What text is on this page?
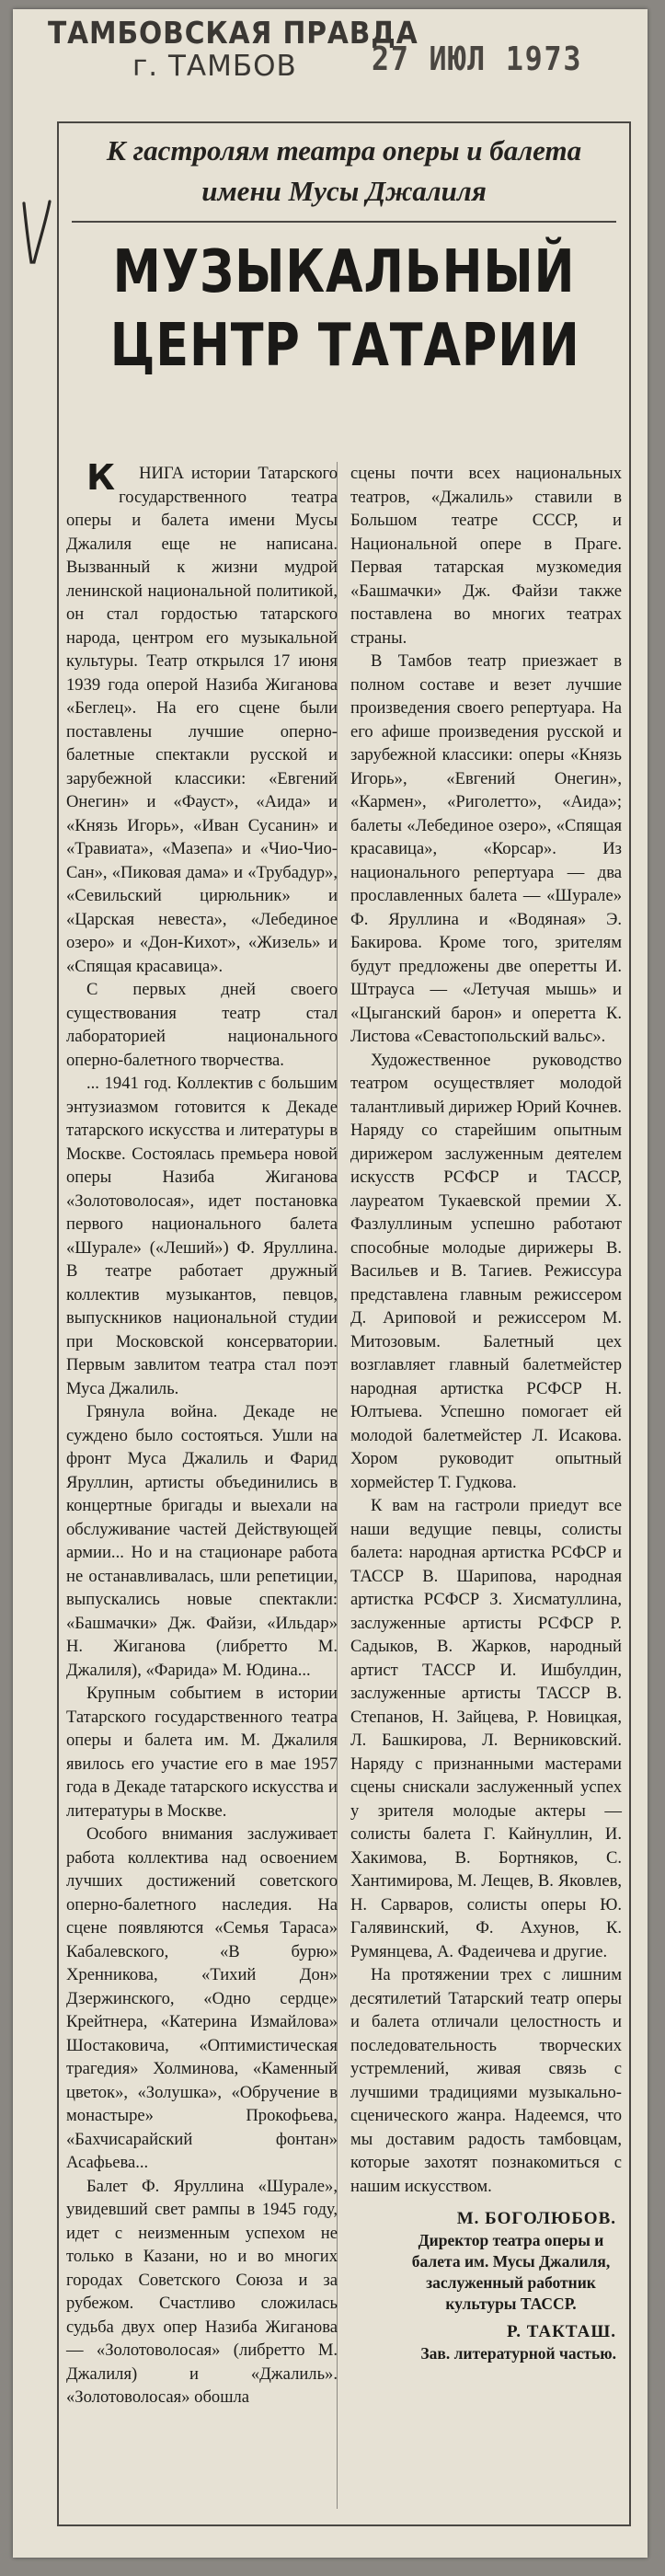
ТАМБОВСКАЯ ПРАВДА
г. ТАМБОВ	27 ИЮЛ 1973
К гастролям театра оперы и балета
имени Мусы Джалиля
МУЗЫКАЛЬНЫЙ
ЦЕНТР ТАТАРИИ

КНИГА истории Татарского государственного театра оперы и балета имени Мусы Джалиля еще не написана. Вызванный к жизни мудрой ленинской национальной политикой, он стал гордостью татарского народа, центром его музыкальной культуры. Театр открылся 17 июня 1939 года оперой Назиба Жиганова «Беглец». На его сцене были поставлены лучшие оперно-балетные спектакли русской и зарубежной классики: «Евгений Онегин» и «Фауст», «Аида» и «Князь Игорь», «Иван Сусанин» и «Травиата», «Мазепа» и «Чио-Чио-Сан», «Пиковая дама» и «Трубадур», «Севильский цирюльник» и «Царская невеста», «Лебединое озеро» и «Дон-Кихот», «Жизель» и «Спящая красавица».

С первых дней своего существования театр стал лабораторией национального оперно-балетного творчества.

... 1941 год. Коллектив с большим энтузиазмом готовится к Декаде татарского искусства и литературы в Москве. Состоялась премьера новой оперы Назиба Жиганова «Золотоволосая», идет постановка первого национального балета «Шурале» («Леший») Ф. Яруллина. В театре работает дружный коллектив музыкантов, певцов, выпускников национальной студии при Московской консерватории. Первым завлитом театра стал поэт Муса Джалиль.

Грянула война. Декаде не суждено было состояться. Ушли на фронт Муса Джалиль и Фарид Яруллин, артисты объединились в концертные бригады и выехали на обслуживание частей Действующей армии... Но и на стационаре работа не останавливалась, шли репетиции, выпускались новые спектакли: «Башмачки» Дж. Файзи, «Ильдар» Н. Жиганова (либретто М. Джалиля), «Фарида» М. Юдина...

Крупным событием в истории Татарского государственного театра оперы и балета им. М. Джалиля явилось его участие его в мае 1957 года в Декаде татарского искусства и литературы в Москве.

Особого внимания заслуживает работа коллектива над освоением лучших достижений советского оперно-балетного наследия. На сцене появляются «Семья Тараса» Кабалевского, «В бурю» Хренникова, «Тихий Дон» Дзержинского, «Одно сердце» Крейтнера, «Катерина Измайлова» Шостаковича, «Оптимистическая трагедия» Холминова, «Каменный цветок», «Золушка», «Обручение в монастыре» Прокофьева, «Бахчисарайский фонтан» Асафьева...

Балет Ф. Яруллина «Шурале», увидевший свет рампы в 1945 году, идет с неизменным успехом не только в Казани, но и во многих городах Советского Союза и за рубежом. Счастливо сложилась судьба двух опер Назиба Жиганова — «Золотоволосая» (либретто М. Джалиля) и «Джалиль». «Золотоволосая» обошла

сцены почти всех национальных театров, «Джалиль» ставили в Большом театре СССР, и Национальной опере в Праге. Первая татарская музкомедия «Башмачки» Дж. Файзи также поставлена во многих театрах страны.

В Тамбов театр приезжает в полном составе и везет лучшие произведения своего репертуара. На его афише произведения русской и зарубежной классики: оперы «Князь Игорь», «Евгений Онегин», «Кармен», «Риголетто», «Аида»; балеты «Лебединое озеро», «Спящая красавица», «Корсар». Из национального репертуара — два прославленных балета — «Шурале» Ф. Яруллина и «Водяная» Э. Бакирова. Кроме того, зрителям будут предложены две оперетты И. Штрауса — «Летучая мышь» и «Цыганский барон» и оперетта К. Листова «Севастопольский вальс».

Художественное руководство театром осуществляет молодой талантливый дирижер Юрий Кочнев. Наряду со старейшим опытным дирижером заслуженным деятелем искусств РСФСР и ТАССР, лауреатом Тукаевской премии Х. Фазлуллиным успешно работают способные молодые дирижеры В. Васильев и В. Тагиев. Режиссура представлена главным режиссером Д. Ариповой и режиссером М. Митозовым. Балетный цех возглавляет главный балетмейстер народная артистка РСФСР Н. Юлтыева. Успешно помогает ей молодой балетмейстер Л. Исакова. Хором руководит опытный хормейстер Т. Гудкова.

К вам на гастроли приедут все наши ведущие певцы, солисты балета: народная артистка РСФСР и ТАССР В. Шарипова, народная артистка РСФСР З. Хисматуллина, заслуженные артисты РСФСР Р. Садыков, В. Жарков, народный артист ТАССР И. Ишбулдин, заслуженные артисты ТАССР В. Степанов, Н. Зайцева, Р. Новицкая, Л. Башкирова, Л. Верниковский. Наряду с признанными мастерами сцены снискали заслуженный успех у зрителя молодые актеры — солисты балета Г. Кайнуллин, И. Хакимова, В. Бортняков, С. Хантимирова, М. Лещев, В. Яковлев, Н. Сарваров, солисты оперы Ю. Галявинский, Ф. Ахунов, К. Румянцева, А. Фадеичева и другие.

На протяжении трех с лишним десятилетий Татарский театр оперы и балета отличали целостность и последовательность творческих устремлений, живая связь с лучшими традициями музыкально-сценического жанра. Надеемся, что мы доставим радость тамбовцам, которые захотят познакомиться с нашим искусством.

М. БОГОЛЮБОВ.
Директор театра оперы и балета им. Мусы Джалиля, заслуженный работник культуры ТАССР.
Р. ТАКТАШ.
Зав. литературной частью.
